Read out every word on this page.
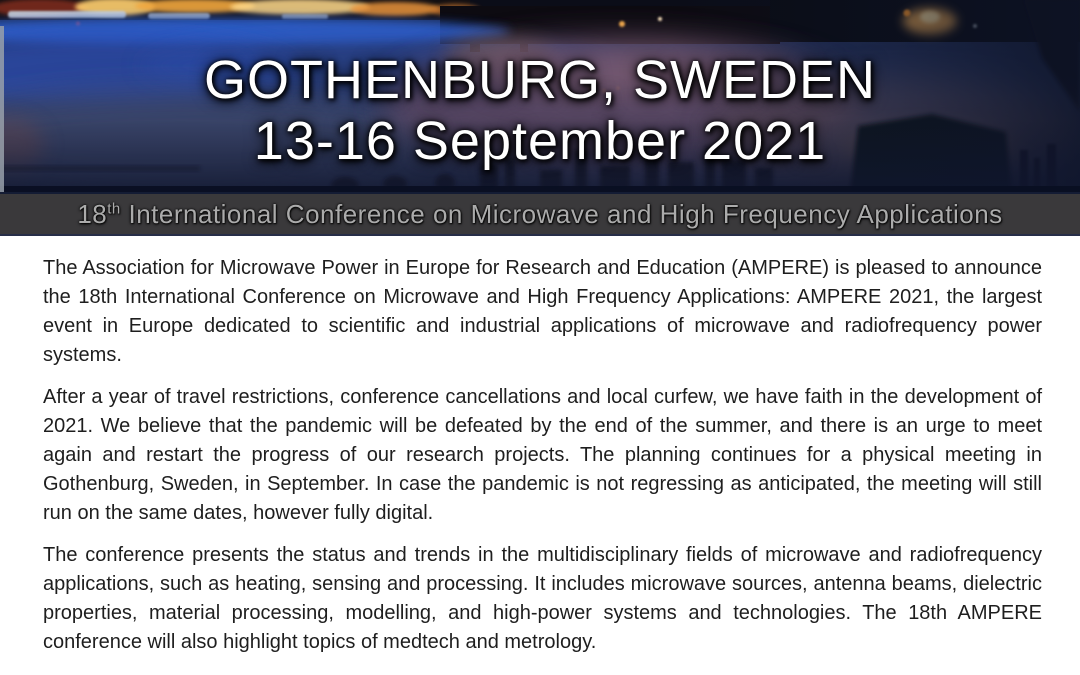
GOTHENBURG, SWEDEN
13-16 September 2021
18th International Conference on Microwave and High Frequency Applications

The Association for Microwave Power in Europe for Research and Education (AMPERE) is pleased to announce the 18th International Conference on Microwave and High Frequency Applications: AMPERE 2021, the largest event in Europe dedicated to scientific and industrial applications of microwave and radiofrequency power systems.

After a year of travel restrictions, conference cancellations and local curfew, we have faith in the development of 2021. We believe that the pandemic will be defeated by the end of the summer, and there is an urge to meet again and restart the progress of our research projects. The planning continues for a physical meeting in Gothenburg, Sweden, in September. In case the pandemic is not regressing as anticipated, the meeting will still run on the same dates, however fully digital.

The conference presents the status and trends in the multidisciplinary fields of microwave and radiofrequency applications, such as heating, sensing and processing. It includes microwave sources, antenna beams, dielectric properties, material processing, modelling, and high-power systems and technologies. The 18th AMPERE conference will also highlight topics of medtech and metrology.
